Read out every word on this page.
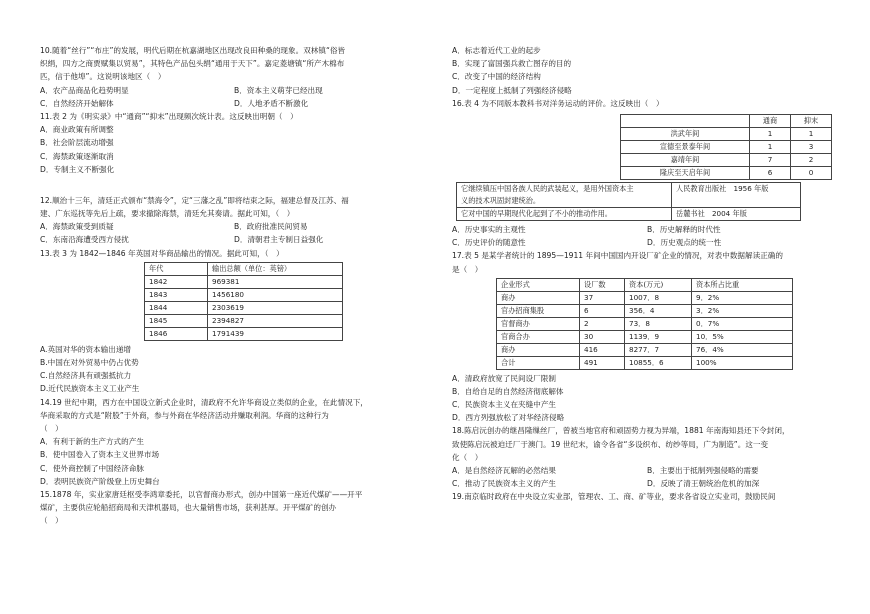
10.随着“丝行”“布庄”的发展，明代后期在杭嘉湖地区出现改良田种桑的现象。双林镇“俗皆
织绢，四方之商贾赋集以贸易”，其特色产品包头绢“通用于天下”。嘉定菱塘镇“所产木棉布
匹，信于他埠”。这说明该地区（　）
A．农产品商品化趋势明显	B．资本主义萌芽已经出现
C．自然经济开始解体	D．人地矛盾不断激化
11.表 2 为《明实录》中“通商”“抑末”出现频次统计表。这反映出明朝（　）
A．商业政策有所调整
B．社会阶层流动增强
C．海禁政策逐渐取消
D．专制主义不断强化
12.顺治十三年，清廷正式颁布“禁海令”，定“三藩之乱”即将结束之际，福建总督及江苏、福
建、广东巡抚等先后上疏，要求撤除海禁，清廷允其奏请。据此可知，（　）
A．海禁政策受到质疑	B．政府批准民间贸易
C．东南沿海遭受西方侵扰	D．清朝君主专制日益强化
13.表 3 为 1842—1846 年英国对华商品输出的情况。据此可知，（　）
年代	输出总额（单位：英镑）
1842	969381
1843	1456180
1844	2303619
1845	2394827
1846	1791439
A.英国对华的资本输出递增
B.中国在对外贸易中仍占优势
C.自然经济具有顽强抵抗力
D.近代民族资本主义工业产生
14.19 世纪中期，西方在中国设立新式企业时，清政府不允许华商设立类似的企业，在此情况下，
华商采取的方式是“附股”于外商，参与外商在华经济活动并赚取利润。华商的这种行为
（　）
A．有利于新的生产方式的产生
B．使中国卷入了资本主义世界市场
C．使外商控制了中国经济命脉
D．表明民族资产阶级登上历史舞台
15.1878 年，实业家唐廷枢受李鸿章委托，以官督商办形式，创办中国第一座近代煤矿——开平
煤矿，主要供应轮船招商局和天津机器局，也大量销售市场，获利甚厚。开平煤矿的创办
（　）
A．标志着近代工业的起步
B．实现了富国强兵救亡图存的目的
C．改变了中国的经济结构
D．一定程度上抵制了列强经济侵略
16.表 4 为不同版本教科书对洋务运动的评价。这反映出（　）
	通商	抑末
洪武年间	1	1
宣德至景泰年间	1	3
嘉靖年间	7	2
隆庆至天启年间	6	0
它继续镇压中国各族人民的武装起义，是用外国资本主	人民教育出版社　1956 年版
义的技术巩固封建统治。	
它对中国的早期现代化起到了不小的推动作用。	岳麓书社　2004 年版
A．历史事实的主观性	B．历史解释的时代性
C．历史评价的随意性	D．历史观点的统一性
17.表 5 是某学者统计的 1895—1911 年间中国国内开设厂矿企业的情况，对表中数据解读正确的
是（　）
企业形式	设厂数	资本(万元)	资本所占比重
商办	37	1007．8	9．2%
官办招商集股	6	356．4	3．2%
官督商办	2	73．8	0．7%
官商合办	30	1139．9	10．5%
商办	416	8277．7	76．4%
合计	491	10855．6	100%
A．清政府放宽了民间设厂限制
B．自给自足的自然经济彻底解体
C．民族资本主义在夹缝中产生
D．西方列强放松了对华经济侵略
18.陈启沅创办的继昌隆缫丝厂，曾被当地官府和顽固势力视为异端，1881 年南海知县还下令封闭，
致使陈启沅被迫迁厂于澳门。19 世纪末，谕令各省“多设织布、纺纱等局，广为制造”。这一变
化（　）
A．是自然经济瓦解的必然结果	B．主要出于抵制列强侵略的需要
C．推动了民族资本主义的产生	D．反映了清王朝统治危机的加深
19.南京临时政府在中央设立实业部，管理农、工、商、矿等业，要求各省设立实业司，鼓励民间
